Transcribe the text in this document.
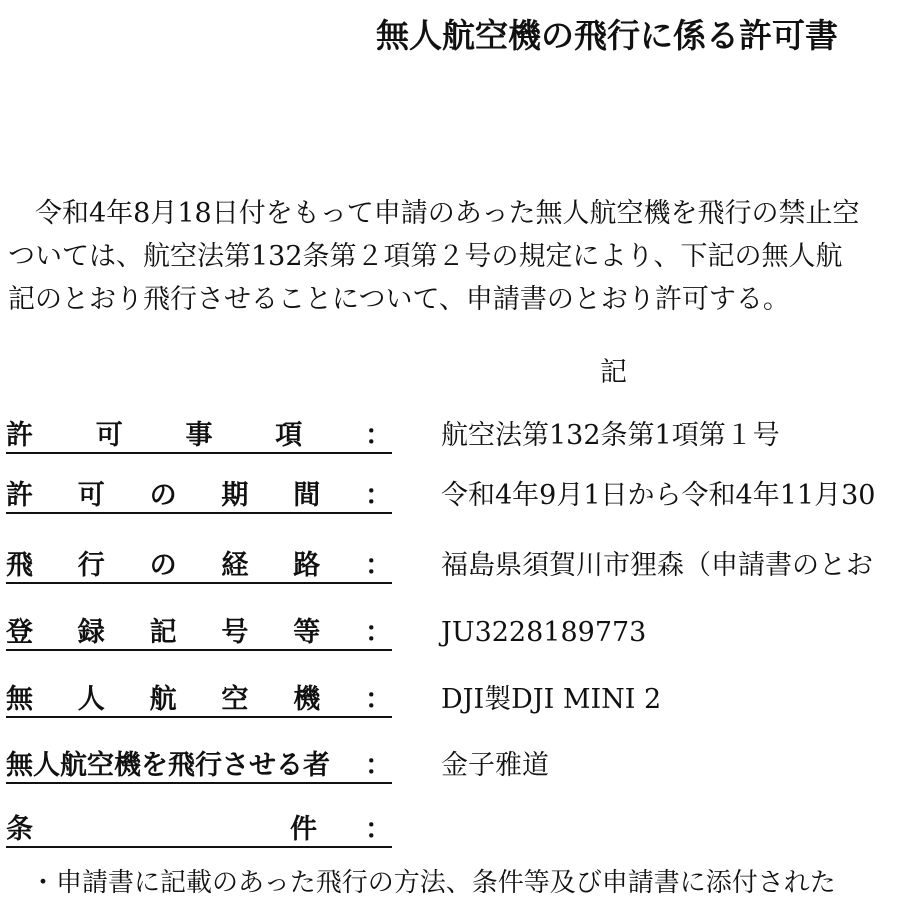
無人航空機の飛行に係る許可書
　令和4年8月18日付をもって申請のあった無人航空機を飛行の禁止空
ついては、航空法第132条第２項第２号の規定により、下記の無人航
記のとおり飛行させることについて、申請書のとおり許可する。
記
許 可 事 項 ： 航空法第132条第1項第１号
許 可 の 期 間 ： 令和4年9月1日から令和4年11月30
飛 行 の 経 路 ： 福島県須賀川市狸森（申請書のとお
登 録 記 号 等 ： JU3228189773
無 人 航 空 機 ： DJI製DJI MINI 2
無人航空機を飛行させる者 ： 金子雅道
条	件 ：
・申請書に記載のあった飛行の方法、条件等及び申請書に添付された
